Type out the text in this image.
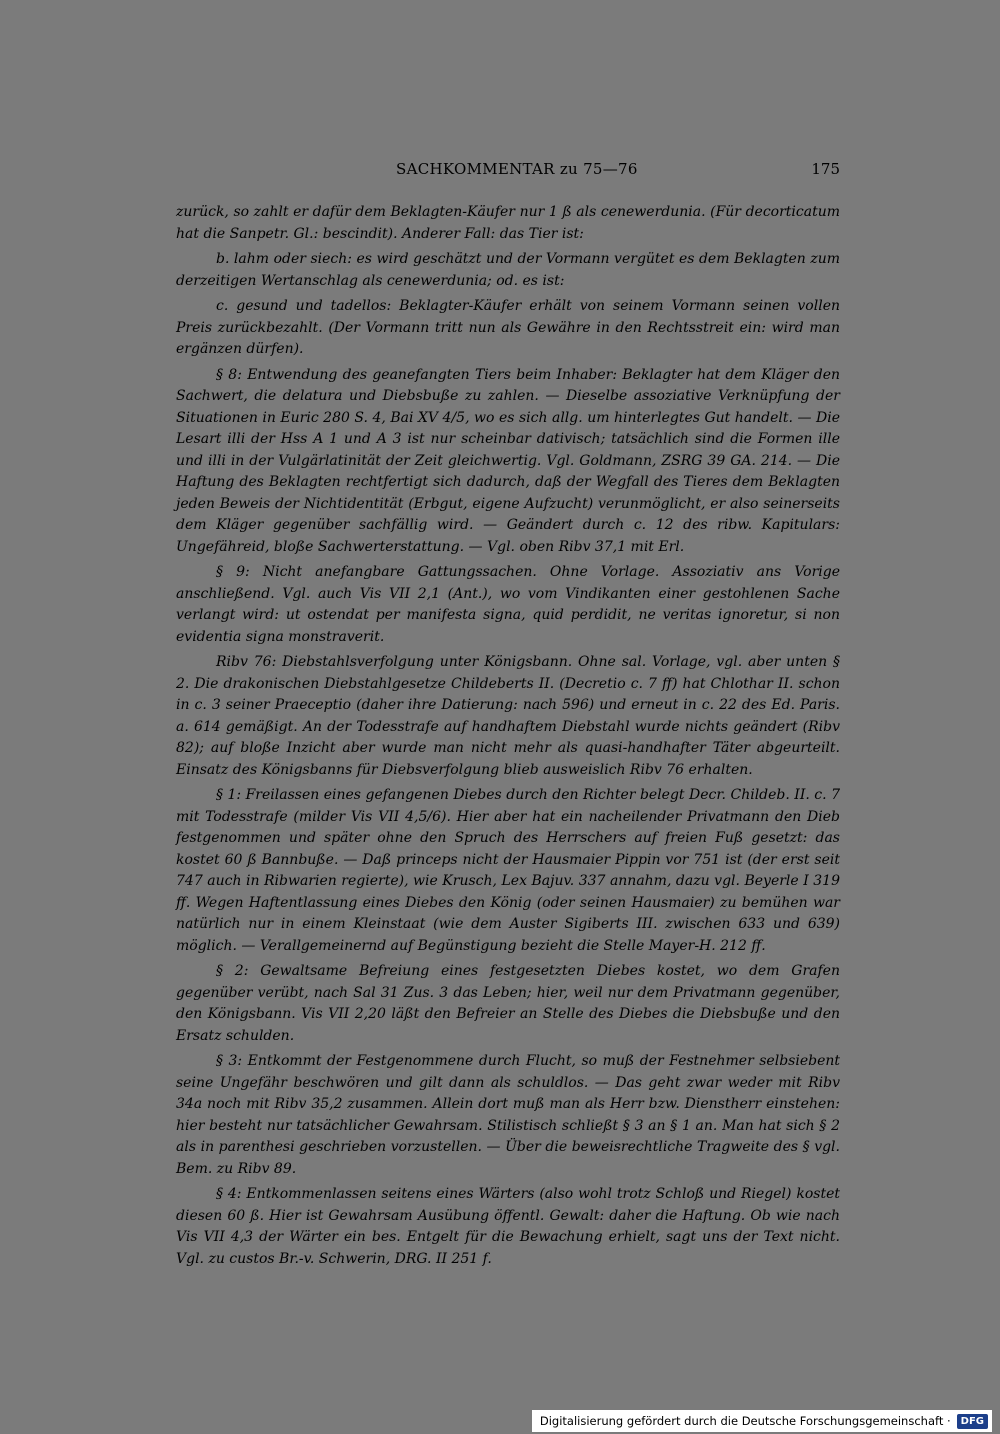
SACHKOMMENTAR zu 75—76	175

zurück, so zahlt er dafür dem Beklagten-Käufer nur 1 ß als cenewerdunia. (Für decorticatum hat die Sanpetr. Gl.: bescindit). Anderer Fall: das Tier ist:

b. lahm oder siech: es wird geschätzt und der Vormann vergütet es dem Beklagten zum derzeitigen Wertanschlag als cenewerdunia; od. es ist:

c. gesund und tadellos: Beklagter-Käufer erhält von seinem Vormann seinen vollen Preis zurückbezahlt. (Der Vormann tritt nun als Gewähre in den Rechtsstreit ein: wird man ergänzen dürfen).

§ 8: Entwendung des geanefangten Tiers beim Inhaber: Beklagter hat dem Kläger den Sachwert, die delatura und Diebsbuße zu zahlen. — Dieselbe assoziative Verknüpfung der Situationen in Euric 280 S. 4, Bai XV 4/5, wo es sich allg. um hinterlegtes Gut handelt. — Die Lesart illi der Hss A 1 und A 3 ist nur scheinbar dativisch; tatsächlich sind die Formen ille und illi in der Vulgärlatinität der Zeit gleichwertig. Vgl. Goldmann, ZSRG 39 GA. 214. — Die Haftung des Beklagten rechtfertigt sich dadurch, daß der Wegfall des Tieres dem Beklagten jeden Beweis der Nichtidentität (Erbgut, eigene Aufzucht) verunmöglicht, er also seinerseits dem Kläger gegenüber sachfällig wird. — Geändert durch c. 12 des ribw. Kapitulars: Ungefährеid, bloße Sachwerterstattung. — Vgl. oben Ribv 37,1 mit Erl.

§ 9: Nicht anefangbare Gattungssachen. Ohne Vorlage. Assoziativ ans Vorige anschließend. Vgl. auch Vis VII 2,1 (Ant.), wo vom Vindikanten einer gestohlenen Sache verlangt wird: ut ostendat per manifesta signa, quid perdidit, ne veritas ignoretur, si non evidentia signa monstraverit.

Ribv 76: Diebstahlsverfolgung unter Königsbann. Ohne sal. Vorlage, vgl. aber unten § 2. Die drakonischen Diebstahlgesetze Childeberts II. (Decretio c. 7 ff) hat Chlothar II. schon in c. 3 seiner Praeceptio (daher ihre Datierung: nach 596) und erneut in c. 22 des Ed. Paris. a. 614 gemäßigt. An der Todesstrafe auf handhaftem Diebstahl wurde nichts geändert (Ribv 82); auf bloße Inzicht aber wurde man nicht mehr als quasi-handhafter Täter abgeurteilt. Einsatz des Königsbanns für Diebsverfolgung blieb ausweislich Ribv 76 erhalten.

§ 1: Freilassen eines gefangenen Diebes durch den Richter belegt Decr. Childeb. II. c. 7 mit Todesstrafe (milder Vis VII 4,5/6). Hier aber hat ein nacheilender Privatmann den Dieb festgenommen und später ohne den Spruch des Herrschers auf freien Fuß gesetzt: das kostet 60 ß Bannbuße. — Daß princeps nicht der Hausmaier Pippin vor 751 ist (der erst seit 747 auch in Ribwarien regierte), wie Krusch, Lex Bajuv. 337 annahm, dazu vgl. Beyerle I 319 ff. Wegen Haftentlassung eines Diebes den König (oder seinen Hausmaier) zu bemühen war natürlich nur in einem Kleinstaat (wie dem Auster Sigiberts III. zwischen 633 und 639) möglich. — Verallgemeinernd auf Begünstigung bezieht die Stelle Mayer-H. 212 ff.

§ 2: Gewaltsame Befreiung eines festgesetzten Diebes kostet, wo dem Grafen gegenüber verübt, nach Sal 31 Zus. 3 das Leben; hier, weil nur dem Privatmann gegenüber, den Königsbann. Vis VII 2,20 läßt den Befreier an Stelle des Diebes die Diebsbuße und den Ersatz schulden.

§ 3: Entkommt der Festgenommene durch Flucht, so muß der Festnehmer selbsiebent seine Ungefähr beschwören und gilt dann als schuldlos. — Das geht zwar weder mit Ribv 34a noch mit Ribv 35,2 zusammen. Allein dort muß man als Herr bzw. Dienstherr einstehen: hier besteht nur tatsächlicher Gewahrsam. Stilistisch schließt § 3 an § 1 an. Man hat sich § 2 als in parenthesi geschrieben vorzustellen. — Über die beweisrechtliche Tragweite des § vgl. Bem. zu Ribv 89.

§ 4: Entkommenlassen seitens eines Wärters (also wohl trotz Schloß und Riegel) kostet diesen 60 ß. Hier ist Gewahrsam Ausübung öffentl. Gewalt: daher die Haftung. Ob wie nach Vis VII 4,3 der Wärter ein bes. Entgelt für die Bewachung erhielt, sagt uns der Text nicht. Vgl. zu custos Br.-v. Schwerin, DRG. II 251 f.

Digitalisierung gefördert durch die Deutsche Forschungsgemeinschaft ·	DFG
